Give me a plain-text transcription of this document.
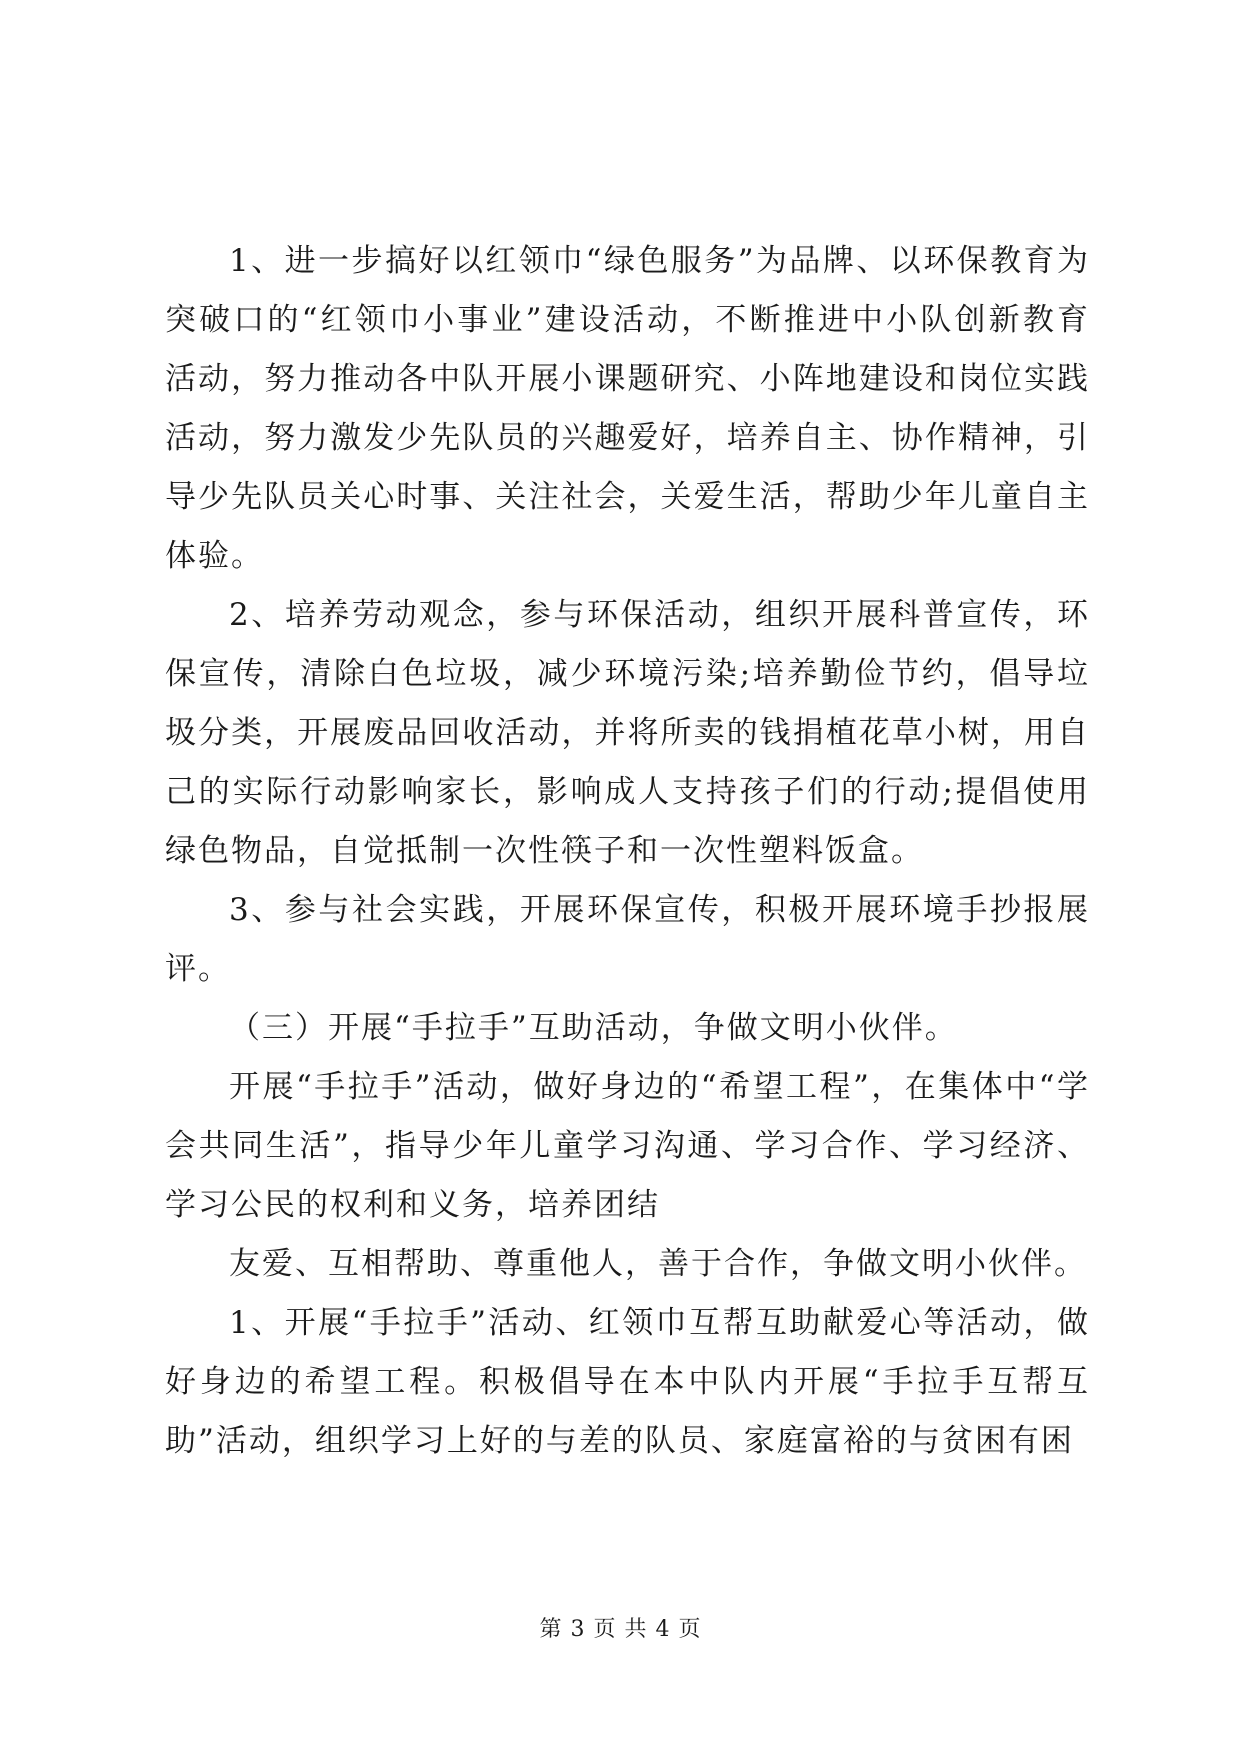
1、进一步搞好以红领巾“绿色服务”为品牌、以环保教育为突破口的“红领巾小事业”建设活动，不断推进中小队创新教育活动，努力推动各中队开展小课题研究、小阵地建设和岗位实践活动，努力激发少先队员的兴趣爱好，培养自主、协作精神，引导少先队员关心时事、关注社会，关爱生活，帮助少年儿童自主体验。

2、培养劳动观念，参与环保活动，组织开展科普宣传，环保宣传，清除白色垃圾，减少环境污染;培养勤俭节约，倡导垃圾分类，开展废品回收活动，并将所卖的钱捐植花草小树，用自己的实际行动影响家长，影响成人支持孩子们的行动;提倡使用绿色物品，自觉抵制一次性筷子和一次性塑料饭盒。

3、参与社会实践，开展环保宣传，积极开展环境手抄报展评。

（三）开展“手拉手”互助活动，争做文明小伙伴。

开展“手拉手”活动，做好身边的“希望工程”，在集体中“学会共同生活”，指导少年儿童学习沟通、学习合作、学习经济、学习公民的权利和义务，培养团结

友爱、互相帮助、尊重他人，善于合作，争做文明小伙伴。

1、开展“手拉手”活动、红领巾互帮互助献爱心等活动，做好身边的希望工程。积极倡导在本中队内开展“手拉手互帮互助”活动，组织学习上好的与差的队员、家庭富裕的与贫困有困

第 3 页 共 4 页
